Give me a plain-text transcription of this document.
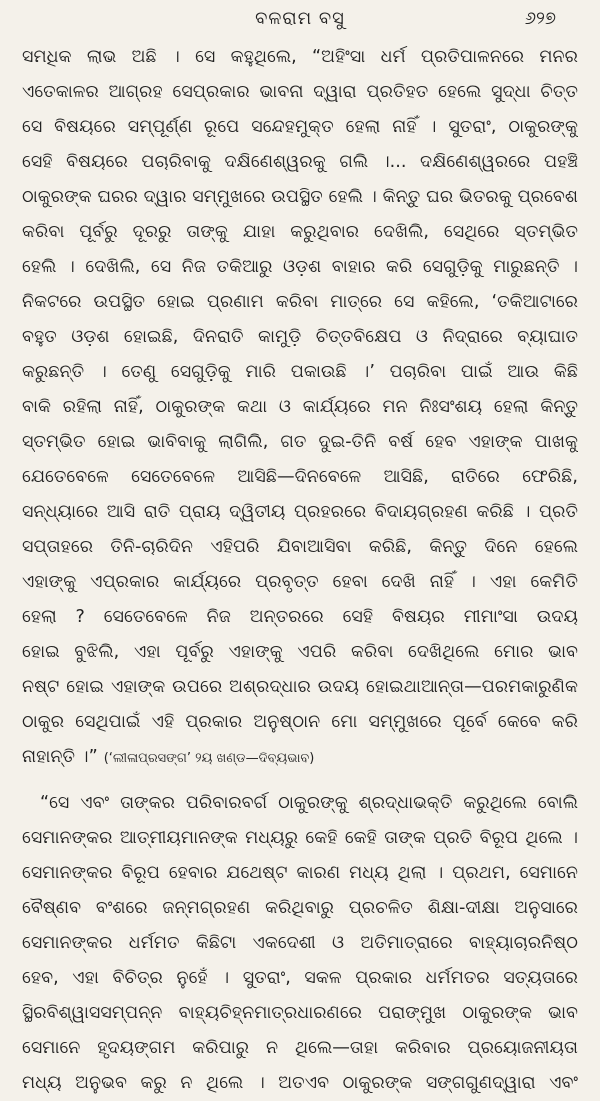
ବଳରାମ ବସୁ	୬୨୭
ସମଧିକ ଲାଭ ଅଛି । ସେ କହୁଥିଲେ, “ଅହିଂସା ଧର୍ମ ପ୍ରତିପାଳନରେ ମନର
ଏତେକାଳର ଆଗ୍ରହ ସେପ୍ରକାର ଭାବନା ଦ୍ୱାରା ପ୍ରତିହତ ହେଲେ ସୁଦ୍ଧା ଚିତ୍ତ
ସେ ବିଷୟରେ ସମ୍ପୂର୍ଣ୍ଣ ରୂପେ ସନ୍ଦେହମୁକ୍ତ ହେଲା ନାହିଁ । ସୁତରାଂ, ଠାକୁରଙ୍କୁ
ସେହି ବିଷୟରେ ପଚାରିବାକୁ ଦକ୍ଷିଣେଶ୍ୱରକୁ ଗଲି ।... ଦକ୍ଷିଣେଶ୍ୱରରେ ପହଞ୍ଚି
ଠାକୁରଙ୍କ ଘରର ଦ୍ୱାର ସମ୍ମୁଖରେ ଉପସ୍ଥିତ ହେଲି । କିନ୍ତୁ ଘର ଭିତରକୁ ପ୍ରବେଶ
କରିବା ପୂର୍ବରୁ ଦୂରରୁ ତାଙ୍କୁ ଯାହା କରୁଥିବାର ଦେଖିଲି, ସେଥିରେ ସ୍ତମ୍ଭିତ
ହେଲି । ଦେଖିଲି, ସେ ନିଜ ତକିଆରୁ ଓଡ଼ଶ ବାହାର କରି ସେଗୁଡ଼ିକୁ ମାରୁଛନ୍ତି ।
ନିକଟରେ ଉପସ୍ଥିତ ହୋଇ ପ୍ରଣାମ କରିବା ମାତ୍ରେ ସେ କହିଲେ, ‘ତକିଆଟାରେ
ବହୁତ ଓଡ଼ଶ ହୋଇଛି, ଦିନରାତି କାମୁଡ଼ି ଚିତ୍ତବିକ୍ଷେପ ଓ ନିଦ୍ରାରେ ବ୍ୟାଘାତ
କରୁଛନ୍ତି । ତେଣୁ ସେଗୁଡ଼ିକୁ ମାରି ପକାଉଛି ।’ ପଚାରିବା ପାଇଁ ଆଉ କିଛି
ବାକି ରହିଲା ନାହିଁ, ଠାକୁରଙ୍କ କଥା ଓ କାର୍ଯ୍ୟରେ ମନ ନିଃସଂଶୟ ହେଲା କିନ୍ତୁ
ସ୍ତମ୍ଭିତ ହୋଇ ଭାବିବାକୁ ଲାଗିଲି, ଗତ ଦୁଇ-ତିନି ବର୍ଷ ହେବ ଏହାଙ୍କ ପାଖକୁ
ଯେତେବେଳେ ସେତେବେଳେ ଆସିଛି—ଦିନବେଳେ ଆସିଛି, ରାତିରେ ଫେରିଛି,
ସନ୍ଧ୍ୟାରେ ଆସି ରାତି ପ୍ରାୟ ଦ୍ୱିତୀୟ ପ୍ରହରରେ ବିଦାୟଗ୍ରହଣ କରିଛି । ପ୍ରତି
ସପ୍ତାହରେ ତିନି-ଚାରିଦିନ ଏହିପରି ଯିବାଆସିବା କରିଛି, କିନ୍ତୁ ଦିନେ ହେଲେ
ଏହାଙ୍କୁ ଏପ୍ରକାର କାର୍ଯ୍ୟରେ ପ୍ରବୃତ୍ତ ହେବା ଦେଖି ନାହିଁ । ଏହା କେମିତି
ହେଲା ? ସେତେବେଳେ ନିଜ ଅନ୍ତରରେ ସେହି ବିଷୟର ମୀମାଂସା ଉଦୟ
ହୋଇ ବୁଝିଲି, ଏହା ପୂର୍ବରୁ ଏହାଙ୍କୁ ଏପରି କରିବା ଦେଖିଥିଲେ ମୋର ଭାବ
ନଷ୍ଟ ହୋଇ ଏହାଙ୍କ ଉପରେ ଅଶ୍ରଦ୍ଧାର ଉଦୟ ହୋଇଥାଆନ୍ତା—ପରମକାରୁଣିକ
ଠାକୁର ସେଥିପାଇଁ ଏହି ପ୍ରକାର ଅନୁଷ୍ଠାନ ମୋ ସମ୍ମୁଖରେ ପୂର୍ବେ କେବେ କରି
ନାହାନ୍ତି ।” (‘ଲୀଳାପ୍ରସଙ୍ଗ’ ୨ୟ ଖଣ୍ଡ—ଦିବ୍ୟଭାବ)
“ସେ ଏବଂ ତାଙ୍କର ପରିବାରବର୍ଗ ଠାକୁରଙ୍କୁ ଶ୍ରଦ୍ଧାଭକ୍ତି କରୁଥିଲେ ବୋଲି
ସେମାନଙ୍କର ଆତ୍ମୀୟମାନଙ୍କ ମଧ୍ୟରୁ କେହି କେହି ତାଙ୍କ ପ୍ରତି ବିରୂପ ଥିଲେ ।
ସେମାନଙ୍କର ବିରୂପ ହେବାର ଯଥେଷ୍ଟ କାରଣ ମଧ୍ୟ ଥିଲା । ପ୍ରଥମ, ସେମାନେ
ବୈଷ୍ଣବ ବଂଶରେ ଜନ୍ମଗ୍ରହଣ କରିଥିବାରୁ ପ୍ରଚଳିତ ଶିକ୍ଷା-ଦୀକ୍ଷା ଅନୁସାରେ
ସେମାନଙ୍କର ଧର୍ମମତ କିଛିଟା ଏକଦେଶୀ ଓ ଅତିମାତ୍ରାରେ ବାହ୍ୟାଚାରନିଷ୍ଠ
ହେବ, ଏହା ବିଚିତ୍ର ନୁହେଁ । ସୁତରାଂ, ସକଳ ପ୍ରକାର ଧର୍ମମତର ସତ୍ୟତାରେ
ସ୍ଥିରବିଶ୍ୱାସସମ୍ପନ୍ନ ବାହ୍ୟଚିହ୍ନମାତ୍ରଧାରଣରେ ପରାଙ୍ମୁଖ ଠାକୁରଙ୍କ ଭାବ
ସେମାନେ ହୃଦୟଙ୍ଗମ କରିପାରୁ ନ ଥିଲେ—ତାହା କରିବାର ପ୍ରୟୋଜନୀୟତା
ମଧ୍ୟ ଅନୁଭବ କରୁ ନ ଥିଲେ । ଅତଏବ ଠାକୁରଙ୍କ ସଙ୍ଗଗୁଣଦ୍ୱାରା ଏବଂ
